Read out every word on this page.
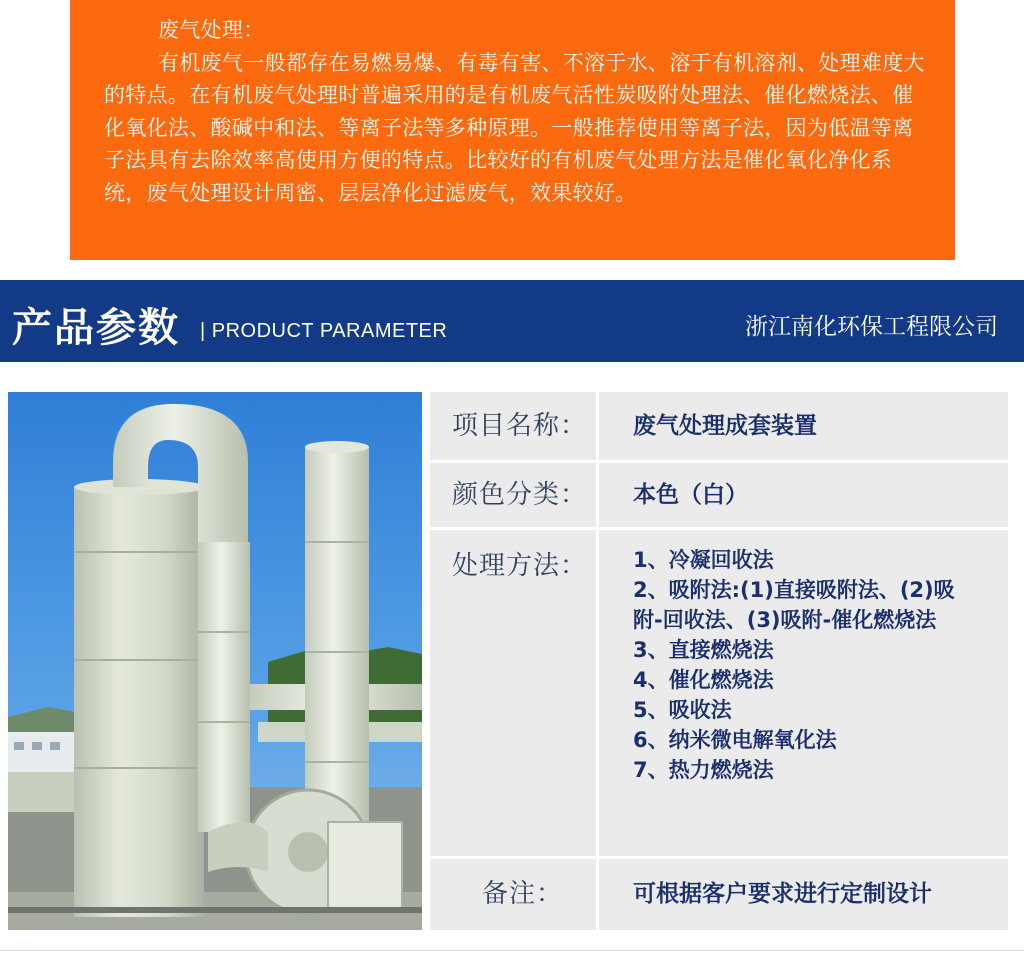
废气处理：

有机废气一般都存在易燃易爆、有毒有害、不溶于水、溶于有机溶剂、处理难度大的特点。在有机废气处理时普遍采用的是有机废气活性炭吸附处理法、催化燃烧法、催化氧化法、酸碱中和法、等离子法等多种原理。一般推荐使用等离子法，因为低温等离子法具有去除效率高使用方便的特点。比较好的有机废气处理方法是催化氧化净化系统，废气处理设计周密、层层净化过滤废气，效果较好。

产品参数 | PRODUCT PARAMETER	浙江南化环保工程限公司
项目名称：	废气处理成套装置
颜色分类：	本色（白）
处理方法：	1、冷凝回收法
2、吸附法:(1)直接吸附法、(2)吸附-回收法、(3)吸附-催化燃烧法
3、直接燃烧法
4、催化燃烧法
5、吸收法
6、纳米微电解氧化法
7、热力燃烧法
备注：	可根据客户要求进行定制设计
